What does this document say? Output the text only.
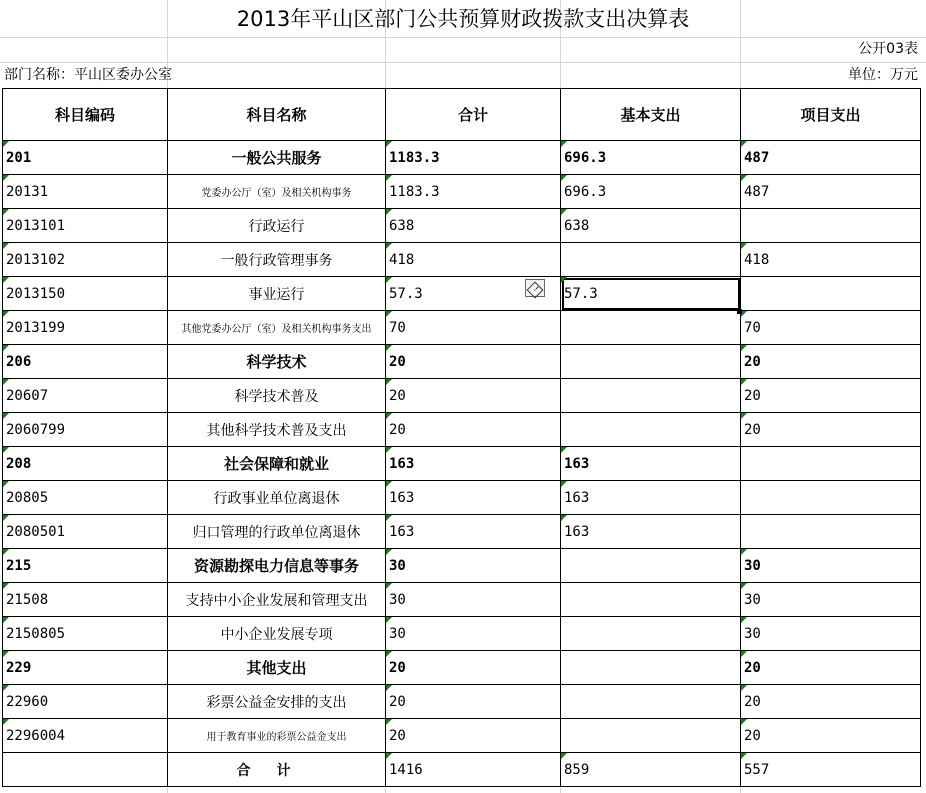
2013年平山区部门公共预算财政拨款支出决算表
公开03表
部门名称：平山区委办公室	单位：万元
科目编码	科目名称	合计	基本支出	项目支出

201	一般公共服务	1183.3	696.3	487

20131	党委办公厅（室）及相关机构事务	1183.3	696.3	487

2013101	行政运行	638	638	

2013102	一般行政管理事务	418		418

2013150	事业运行	57.3	57.3	

2013199	其他党委办公厅（室）及相关机构事务支出	70		70

206	科学技术	20		20

20607	科学技术普及	20		20

2060799	其他科学技术普及支出	20		20

208	社会保障和就业	163	163	

20805	行政事业单位离退休	163	163	

2080501	归口管理的行政单位离退休	163	163	

215	资源勘探电力信息等事务	30		30

21508	支持中小企业发展和管理支出	30		30

2150805	中小企业发展专项	30		30

229	其他支出	20		20

22960	彩票公益金安排的支出	20		20

2296004	用于教育事业的彩票公益金支出	20		20
	合计	1416	859	557
!
